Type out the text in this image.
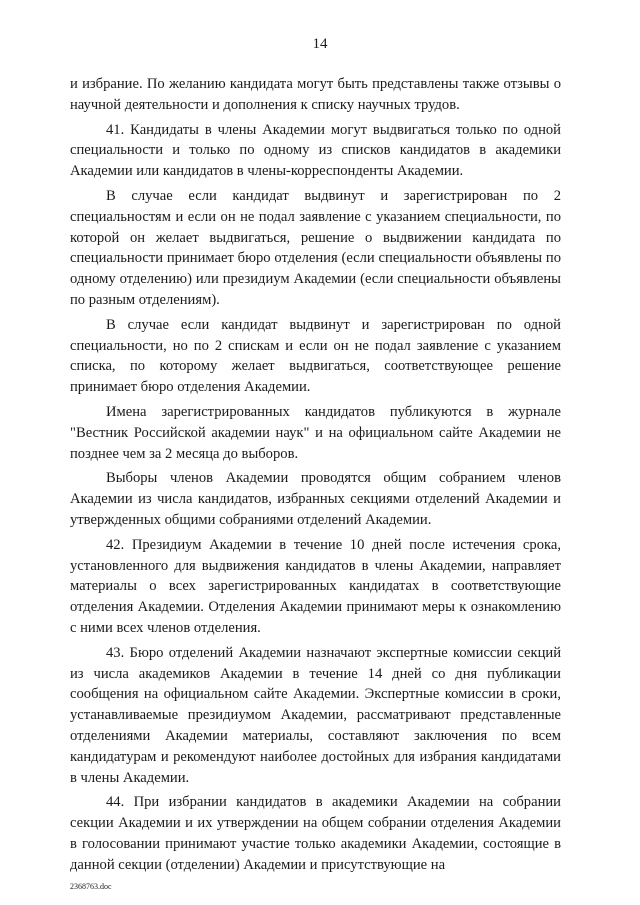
14

и избрание. По желанию кандидата могут быть представлены также отзывы о научной деятельности и дополнения к списку научных трудов.

41. Кандидаты в члены Академии могут выдвигаться только по одной специальности и только по одному из списков кандидатов в академики Академии или кандидатов в члены-корреспонденты Академии.

В случае если кандидат выдвинут и зарегистрирован по 2 специальностям и если он не подал заявление с указанием специальности, по которой он желает выдвигаться, решение о выдвижении кандидата по специальности принимает бюро отделения (если специальности объявлены по одному отделению) или президиум Академии (если специальности объявлены по разным отделениям).

В случае если кандидат выдвинут и зарегистрирован по одной специальности, но по 2 спискам и если он не подал заявление с указанием списка, по которому желает выдвигаться, соответствующее решение принимает бюро отделения Академии.

Имена зарегистрированных кандидатов публикуются в журнале "Вестник Российской академии наук" и на официальном сайте Академии не позднее чем за 2 месяца до выборов.

Выборы членов Академии проводятся общим собранием членов Академии из числа кандидатов, избранных секциями отделений Академии и утвержденных общими собраниями отделений Академии.

42. Президиум Академии в течение 10 дней после истечения срока, установленного для выдвижения кандидатов в члены Академии, направляет материалы о всех зарегистрированных кандидатах в соответствующие отделения Академии. Отделения Академии принимают меры к ознакомлению с ними всех членов отделения.

43. Бюро отделений Академии назначают экспертные комиссии секций из числа академиков Академии в течение 14 дней со дня публикации сообщения на официальном сайте Академии. Экспертные комиссии в сроки, устанавливаемые президиумом Академии, рассматривают представленные отделениями Академии материалы, составляют заключения по всем кандидатурам и рекомендуют наиболее достойных для избрания кандидатами в члены Академии.

44. При избрании кандидатов в академики Академии на собрании секции Академии и их утверждении на общем собрании отделения Академии в голосовании принимают участие только академики Академии, состоящие в данной секции (отделении) Академии и присутствующие на

2368763.doc
